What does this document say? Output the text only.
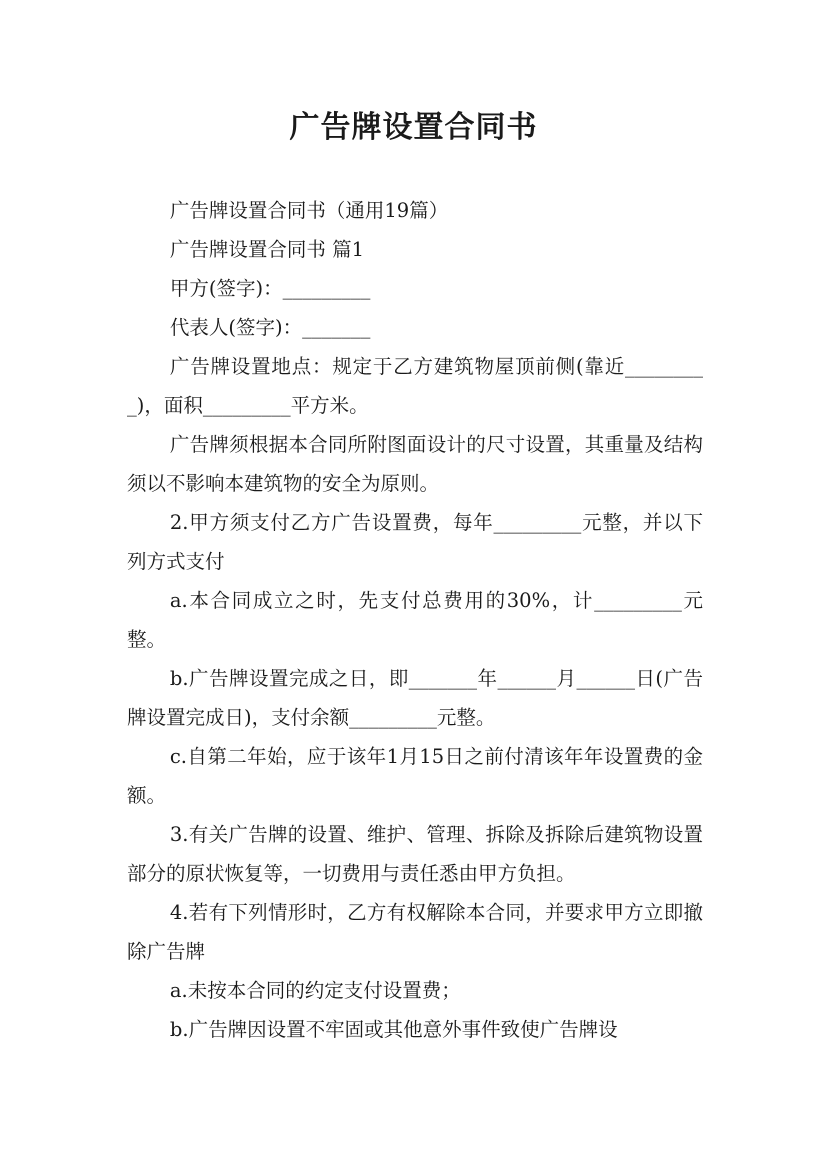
广告牌设置合同书

广告牌设置合同书（通用19篇）

广告牌设置合同书 篇1

甲方(签字)：_________

代表人(签字)：_______

广告牌设置地点：规定于乙方建筑物屋顶前侧(靠近_________)，面积_________平方米。

广告牌须根据本合同所附图面设计的尺寸设置，其重量及结构须以不影响本建筑物的安全为原则。

2.甲方须支付乙方广告设置费，每年_________元整，并以下列方式支付

a.本合同成立之时，先支付总费用的30%，计_________元整。

b.广告牌设置完成之日，即_______年______月______日(广告牌设置完成日)，支付余额_________元整。

c.自第二年始，应于该年1月15日之前付清该年年设置费的金额。

3.有关广告牌的设置、维护、管理、拆除及拆除后建筑物设置部分的原状恢复等，一切费用与责任悉由甲方负担。

4.若有下列情形时，乙方有权解除本合同，并要求甲方立即撤除广告牌

a.未按本合同的约定支付设置费；

b.广告牌因设置不牢固或其他意外事件致使广告牌设
